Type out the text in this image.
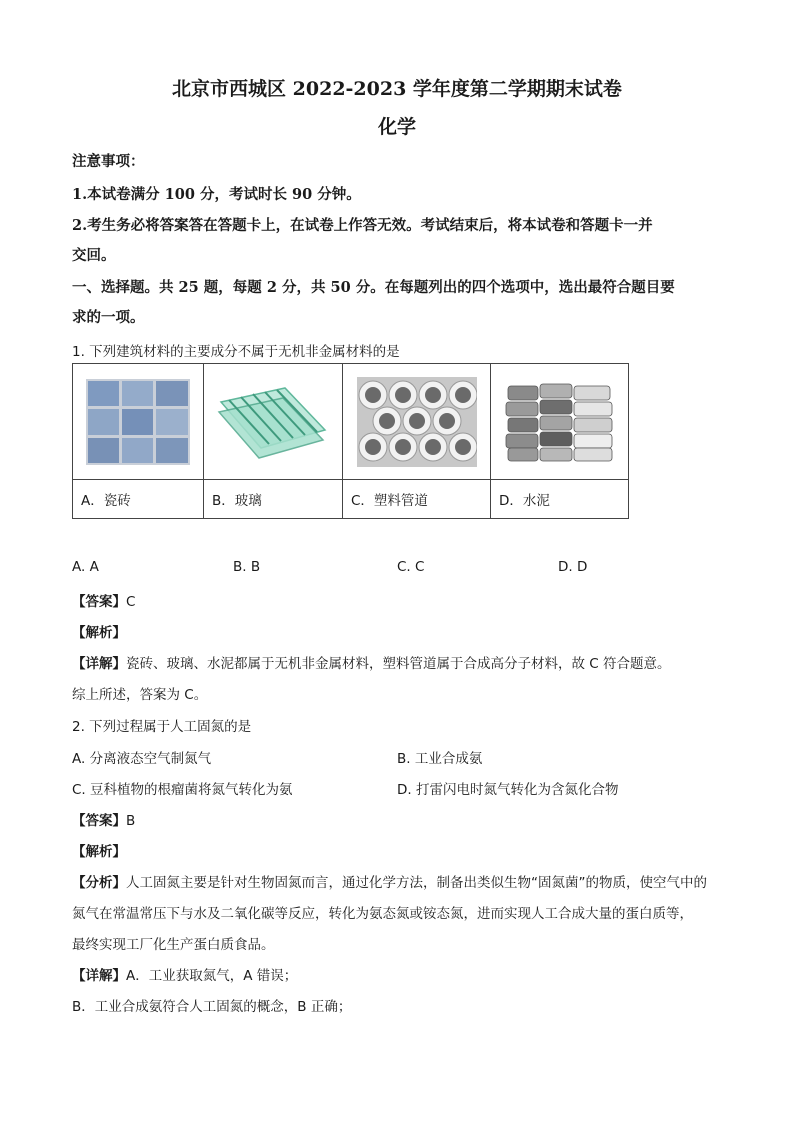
北京市西城区 2022-2023 学年度第二学期期末试卷
化学
注意事项：
1.本试卷满分 100 分，考试时长 90 分钟。
2.考生务必将答案答在答题卡上，在试卷上作答无效。考试结束后，将本试卷和答题卡一并
交回。
一、选择题。共 25 题，每题 2 分，共 50 分。在每题列出的四个选项中，选出最符合题目要
求的一项。
1. 下列建筑材料的主要成分不属于无机非金属材料的是

A．瓷砖	B．玻璃	C．塑料管道	D．水泥
A. A	B. B	C. C	D. D
【答案】C
【解析】
【详解】瓷砖、玻璃、水泥都属于无机非金属材料，塑料管道属于合成高分子材料，故 C 符合题意。
综上所述，答案为 C。
2. 下列过程属于人工固氮的是
A. 分离液态空气制氮气	B. 工业合成氨
C. 豆科植物的根瘤菌将氮气转化为氨	D. 打雷闪电时氮气转化为含氮化合物
【答案】B
【解析】
【分析】人工固氮主要是针对生物固氮而言，通过化学方法，制备出类似生物“固氮菌”的物质，使空气中的
氮气在常温常压下与水及二氧化碳等反应，转化为氨态氮或铵态氮，进而实现人工合成大量的蛋白质等，
最终实现工厂化生产蛋白质食品。
【详解】A．工业获取氮气，A 错误；
B．工业合成氨符合人工固氮的概念，B 正确；
